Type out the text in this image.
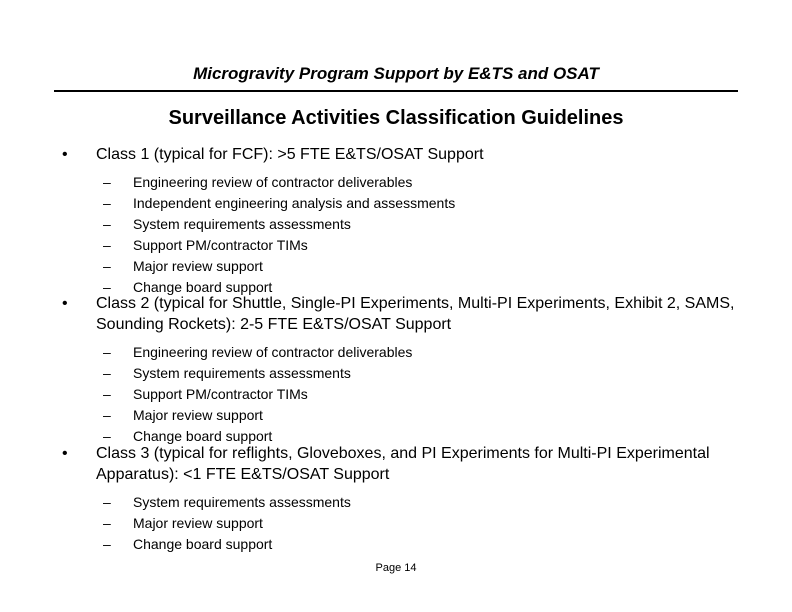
Microgravity Program Support by E&TS and OSAT
Surveillance Activities Classification Guidelines
• Class 1 (typical for FCF): >5 FTE E&TS/OSAT Support
– Engineering review of contractor deliverables
– Independent engineering analysis and assessments
– System requirements assessments
– Support PM/contractor TIMs
– Major review support
– Change board support
• Class 2 (typical for Shuttle, Single-PI Experiments, Multi-PI Experiments, Exhibit 2, SAMS, Sounding Rockets): 2-5 FTE E&TS/OSAT Support
– Engineering review of contractor deliverables
– System requirements assessments
– Support PM/contractor TIMs
– Major review support
– Change board support
• Class 3 (typical for reflights, Gloveboxes, and PI Experiments for Multi-PI Experimental Apparatus): <1 FTE E&TS/OSAT Support
– System requirements assessments
– Major review support
– Change board support
Page 14
